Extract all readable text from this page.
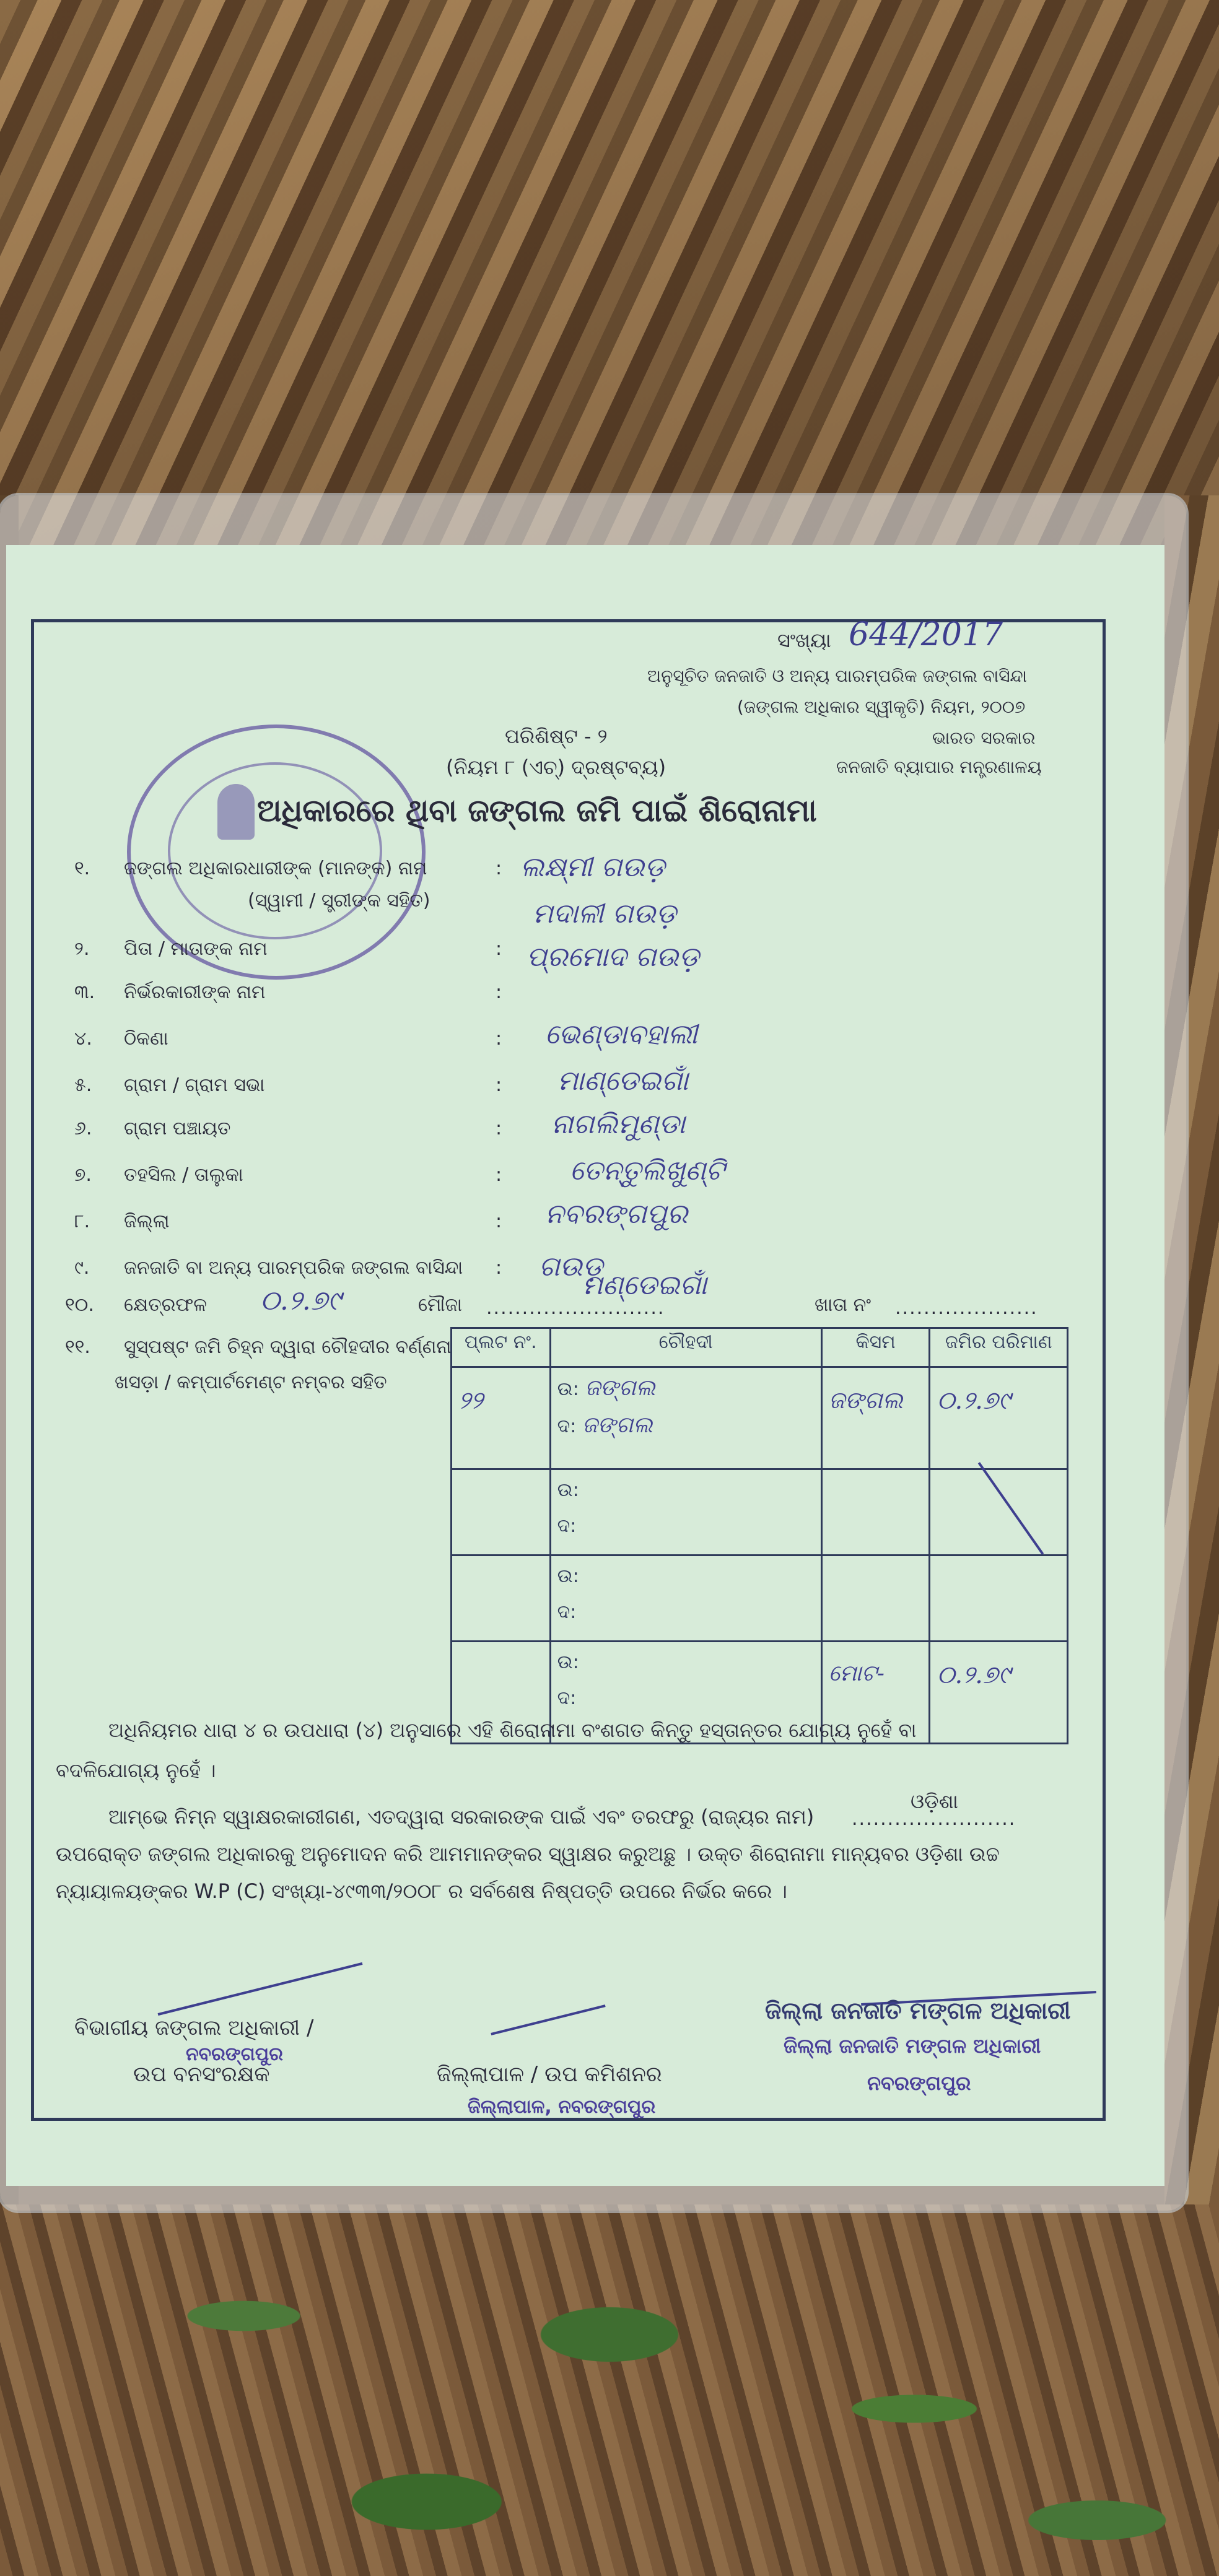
ସଂଖ୍ୟା 644/2017
ଅନୁସୂଚିତ ଜନଜାତି ଓ ଅନ୍ୟ ପାରମ୍ପରିକ ଜଙ୍ଗଲ ବାସିନ୍ଦା
(ଜଙ୍ଗଲ ଅଧିକାର ସ୍ୱୀକୃତି) ନିୟମ, ୨୦୦୭
ଭାରତ ସରକାର
ଜନଜାତି ବ୍ୟାପାର ମନ୍ତ୍ରଣାଳୟ
ପରିଶିଷ୍ଟ - ୨
(ନିୟମ ୮ (ଏଚ୍) ଦ୍ରଷ୍ଟବ୍ୟ)
ଅଧିକାରରେ ଥିବା ଜଙ୍ଗଲ ଜମି ପାଇଁ ଶିରୋନାମା
୧. ଜଙ୍ଗଲ ଅଧିକାରଧାରୀଙ୍କ (ମାନଙ୍କ) ନାମ
(ସ୍ୱାମୀ / ସ୍ତ୍ରୀଙ୍କ ସହିତ)
: ଲକ୍ଷ୍ମୀ ଗଉଡ଼
ମଦାଳୀ ଗଉଡ଼
୨. ପିତା / ମାତାଙ୍କ ନାମ	: ପ୍ରମୋଦ ଗଉଡ଼
୩. ନିର୍ଭରକାରୀଙ୍କ ନାମ	:
୪. ଠିକଣା	: ଭେଣ୍ଡାବହାଲୀ
୫. ଗ୍ରାମ / ଗ୍ରାମ ସଭା	: ମାଣ୍ଡେଇଗାଁ
୬. ଗ୍ରାମ ପଞ୍ଚାୟତ	: ନାଗଲିମୁଣ୍ଡା
୭. ତହସିଲ / ତାଲୁକା	: ତେନ୍ତୁଲିଖୁଣ୍ଟି
୮. ଜିଲ୍ଲା	: ନବରଙ୍ଗପୁର
୯. ଜନଜାତି ବା ଅନ୍ୟ ପାରମ୍ପରିକ ଜଙ୍ଗଲ ବାସିନ୍ଦା : ଗଉଡ଼
୧୦. କ୍ଷେତ୍ରଫଳ ୦.୨.୭୯	ମୌଜା .........................
ମଣ୍ଡେଇଗାଁ
ଖାତା ନଂ ....................
୧୧. ସୁସ୍ପଷ୍ଟ ଜମି ଚିହ୍ନ ଦ୍ୱାରା ଚୌହଦୀର ବର୍ଣ୍ଣନା
ଖସଡ଼ା / କମ୍ପାର୍ଟମେଣ୍ଟ ନମ୍ବର ସହିତ
ପ୍ଲଟ ନଂ.	ଚୌହଦୀ	କିସମ	ଜମିର ପରିମାଣ
୨୨	ଉ: ଜଙ୍ଗଲ
ଦ: ଜଙ୍ଗଲ	ଜଙ୍ଗଲ	୦.୨.୭୯
	ଉ:
ଦ:		

	ଉ:
ଦ:		
	ଉ:
ଦ:	ମୋଟ-	୦.୨.୭୯
ଅଧିନିୟମର ଧାରା ୪ ର ଉପଧାରା (୪) ଅନୁସାରେ ଏହି ଶିରୋନାମା ବଂଶଗତ କିନ୍ତୁ ହସ୍ତାନ୍ତର ଯୋଗ୍ୟ ନୁହେଁ ବା
ବଦଳିଯୋଗ୍ୟ ନୁହେଁ ।
ଆମ୍ଭେ ନିମ୍ନ ସ୍ୱାକ୍ଷରକାରୀଗଣ, ଏତଦ୍ୱାରା ସରକାରଙ୍କ ପାଇଁ ଏବଂ ତରଫରୁ (ରାଜ୍ୟର ନାମ) .......................
ଓଡ଼ିଶା
ଉପରୋକ୍ତ ଜଙ୍ଗଲ ଅଧିକାରକୁ ଅନୁମୋଦନ କରି ଆମମାନଙ୍କର ସ୍ୱାକ୍ଷର କରୁଅଛୁ । ଉକ୍ତ ଶିରୋନାମା ମାନ୍ୟବର ଓଡ଼ିଶା ଉଚ୍ଚ
ନ୍ୟାୟାଳୟଙ୍କର W.P (C) ସଂଖ୍ୟା-୪୯୩୩/୨୦୦୮ ର ସର୍ବଶେଷ ନିଷ୍ପତ୍ତି ଉପରେ ନିର୍ଭର କରେ ।
ବିଭାଗୀୟ ଜଙ୍ଗଲ ଅଧିକାରୀ /
ନବରଙ୍ଗପୁର
ଉପ ବନସଂରକ୍ଷକ	ଜିଲ୍ଲାପାଳ / ଉପ କମିଶନର
ଜିଲ୍ଲାପାଳ, ନବରଙ୍ଗପୁର
ଜିଲ୍ଲା ଜନଜାତି ମଙ୍ଗଳ ଅଧିକାରୀ
ଜିଲ୍ଲା ଜନଜାତି ମଙ୍ଗଳ ଅଧିକାରୀ
ନବରଙ୍ଗପୁର
